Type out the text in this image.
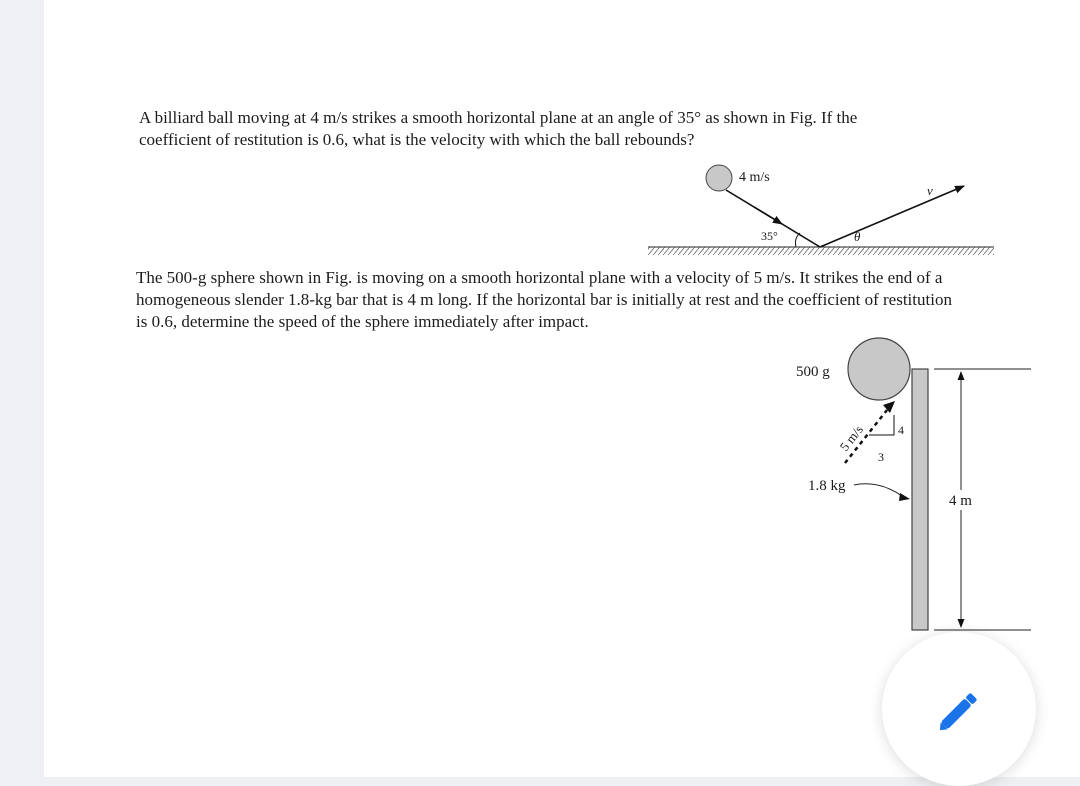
A billiard ball moving at 4 m/s strikes a smooth horizontal plane at an angle of 35° as shown in Fig. If the coefficient of restitution is 0.6, what is the velocity with which the ball rebounds?

4 m/s
v
35°	θ

The 500-g sphere shown in Fig. is moving on a smooth horizontal plane with a velocity of 5 m/s. It strikes the end of a homogeneous slender 1.8-kg bar that is 4 m long. If the horizontal bar is initially at rest and the coefficient of restitution is 0.6, determine the speed of the sphere immediately after impact.

4 m
4
3
5 m/s
500 g
1.8 kg
